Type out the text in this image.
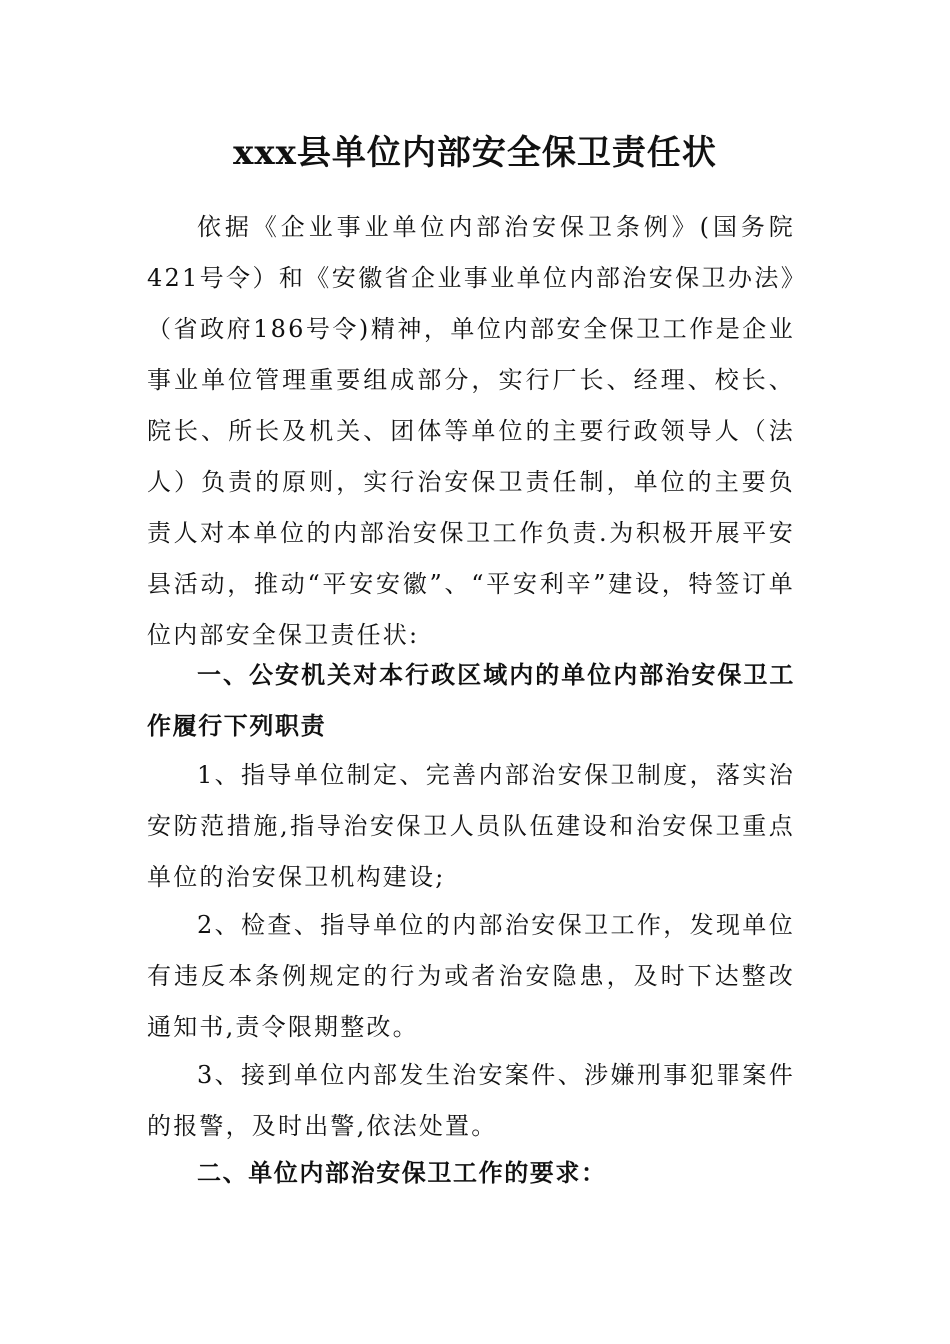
xxx县单位内部安全保卫责任状

依据《企业事业单位内部治安保卫条例》(国务院421号令）和《安徽省企业事业单位内部治安保卫办法》（省政府186号令)精神，单位内部安全保卫工作是企业事业单位管理重要组成部分，实行厂长、经理、校长、院长、所长及机关、团体等单位的主要行政领导人（法人）负责的原则，实行治安保卫责任制，单位的主要负责人对本单位的内部治安保卫工作负责.为积极开展平安县活动，推动“平安安徽”、“平安利辛”建设，特签订单位内部安全保卫责任状:

一、公安机关对本行政区域内的单位内部治安保卫工作履行下列职责

1、指导单位制定、完善内部治安保卫制度，落实治安防范措施,指导治安保卫人员队伍建设和治安保卫重点单位的治安保卫机构建设;

2、检查、指导单位的内部治安保卫工作，发现单位有违反本条例规定的行为或者治安隐患，及时下达整改通知书,责令限期整改。

3、接到单位内部发生治安案件、涉嫌刑事犯罪案件的报警，及时出警,依法处置。

二、单位内部治安保卫工作的要求：
